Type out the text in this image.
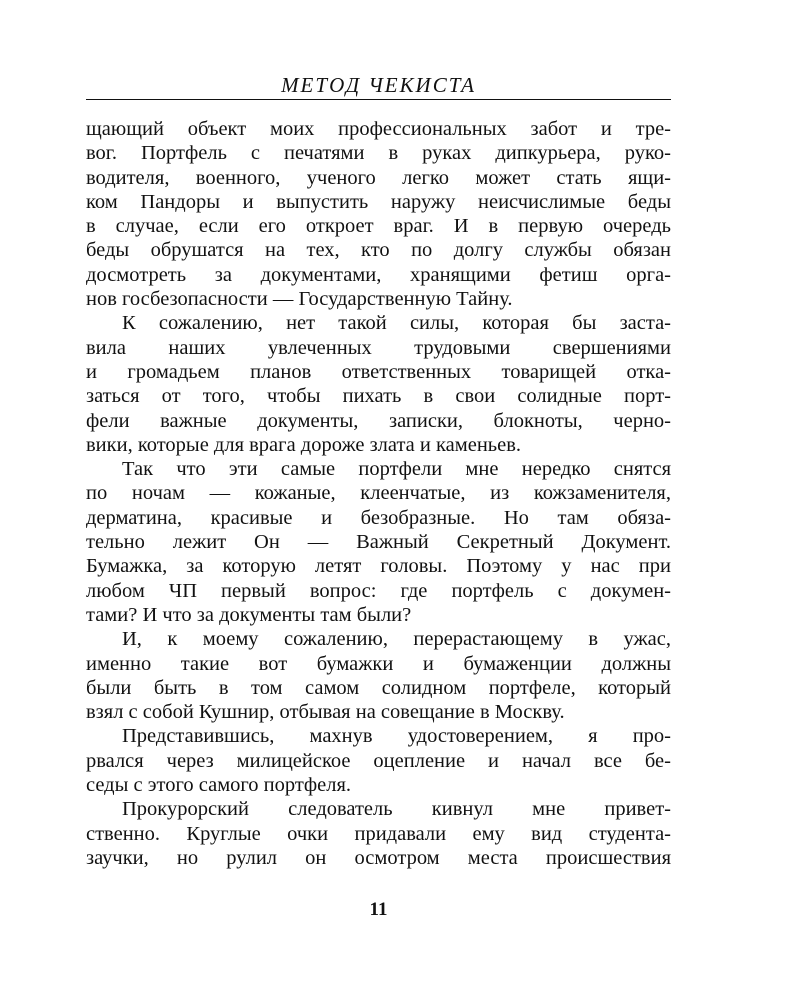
МЕТОД ЧЕКИСТА
щающий объект моих профессиональных забот и тре-
вог. Портфель с печатями в руках дипкурьера, руко-
водителя, военного, ученого легко может стать ящи-
ком Пандоры и выпустить наружу неисчислимые беды
в случае, если его откроет враг. И в первую очередь
беды обрушатся на тех, кто по долгу службы обязан
досмотреть за документами, хранящими фетиш орга-
нов госбезопасности — Государственную Тайну.
К сожалению, нет такой силы, которая бы заста-
вила наших увлеченных трудовыми свершениями
и громадьем планов ответственных товарищей отка-
заться от того, чтобы пихать в свои солидные порт-
фели важные документы, записки, блокноты, черно-
вики, которые для врага дороже злата и каменьев.
Так что эти самые портфели мне нередко снятся
по ночам — кожаные, клеенчатые, из кожзаменителя,
дерматина, красивые и безобразные. Но там обяза-
тельно лежит Он — Важный Секретный Документ.
Бумажка, за которую летят головы. Поэтому у нас при
любом ЧП первый вопрос: где портфель с докумен-
тами? И что за документы там были?
И, к моему сожалению, перерастающему в ужас,
именно такие вот бумажки и бумаженции должны
были быть в том самом солидном портфеле, который
взял с собой Кушнир, отбывая на совещание в Москву.
Представившись, махнув удостоверением, я про-
рвался через милицейское оцепление и начал все бе-
седы с этого самого портфеля.
Прокурорский следователь кивнул мне привет-
ственно. Круглые очки придавали ему вид студента-
заучки, но рулил он осмотром места происшествия
11
